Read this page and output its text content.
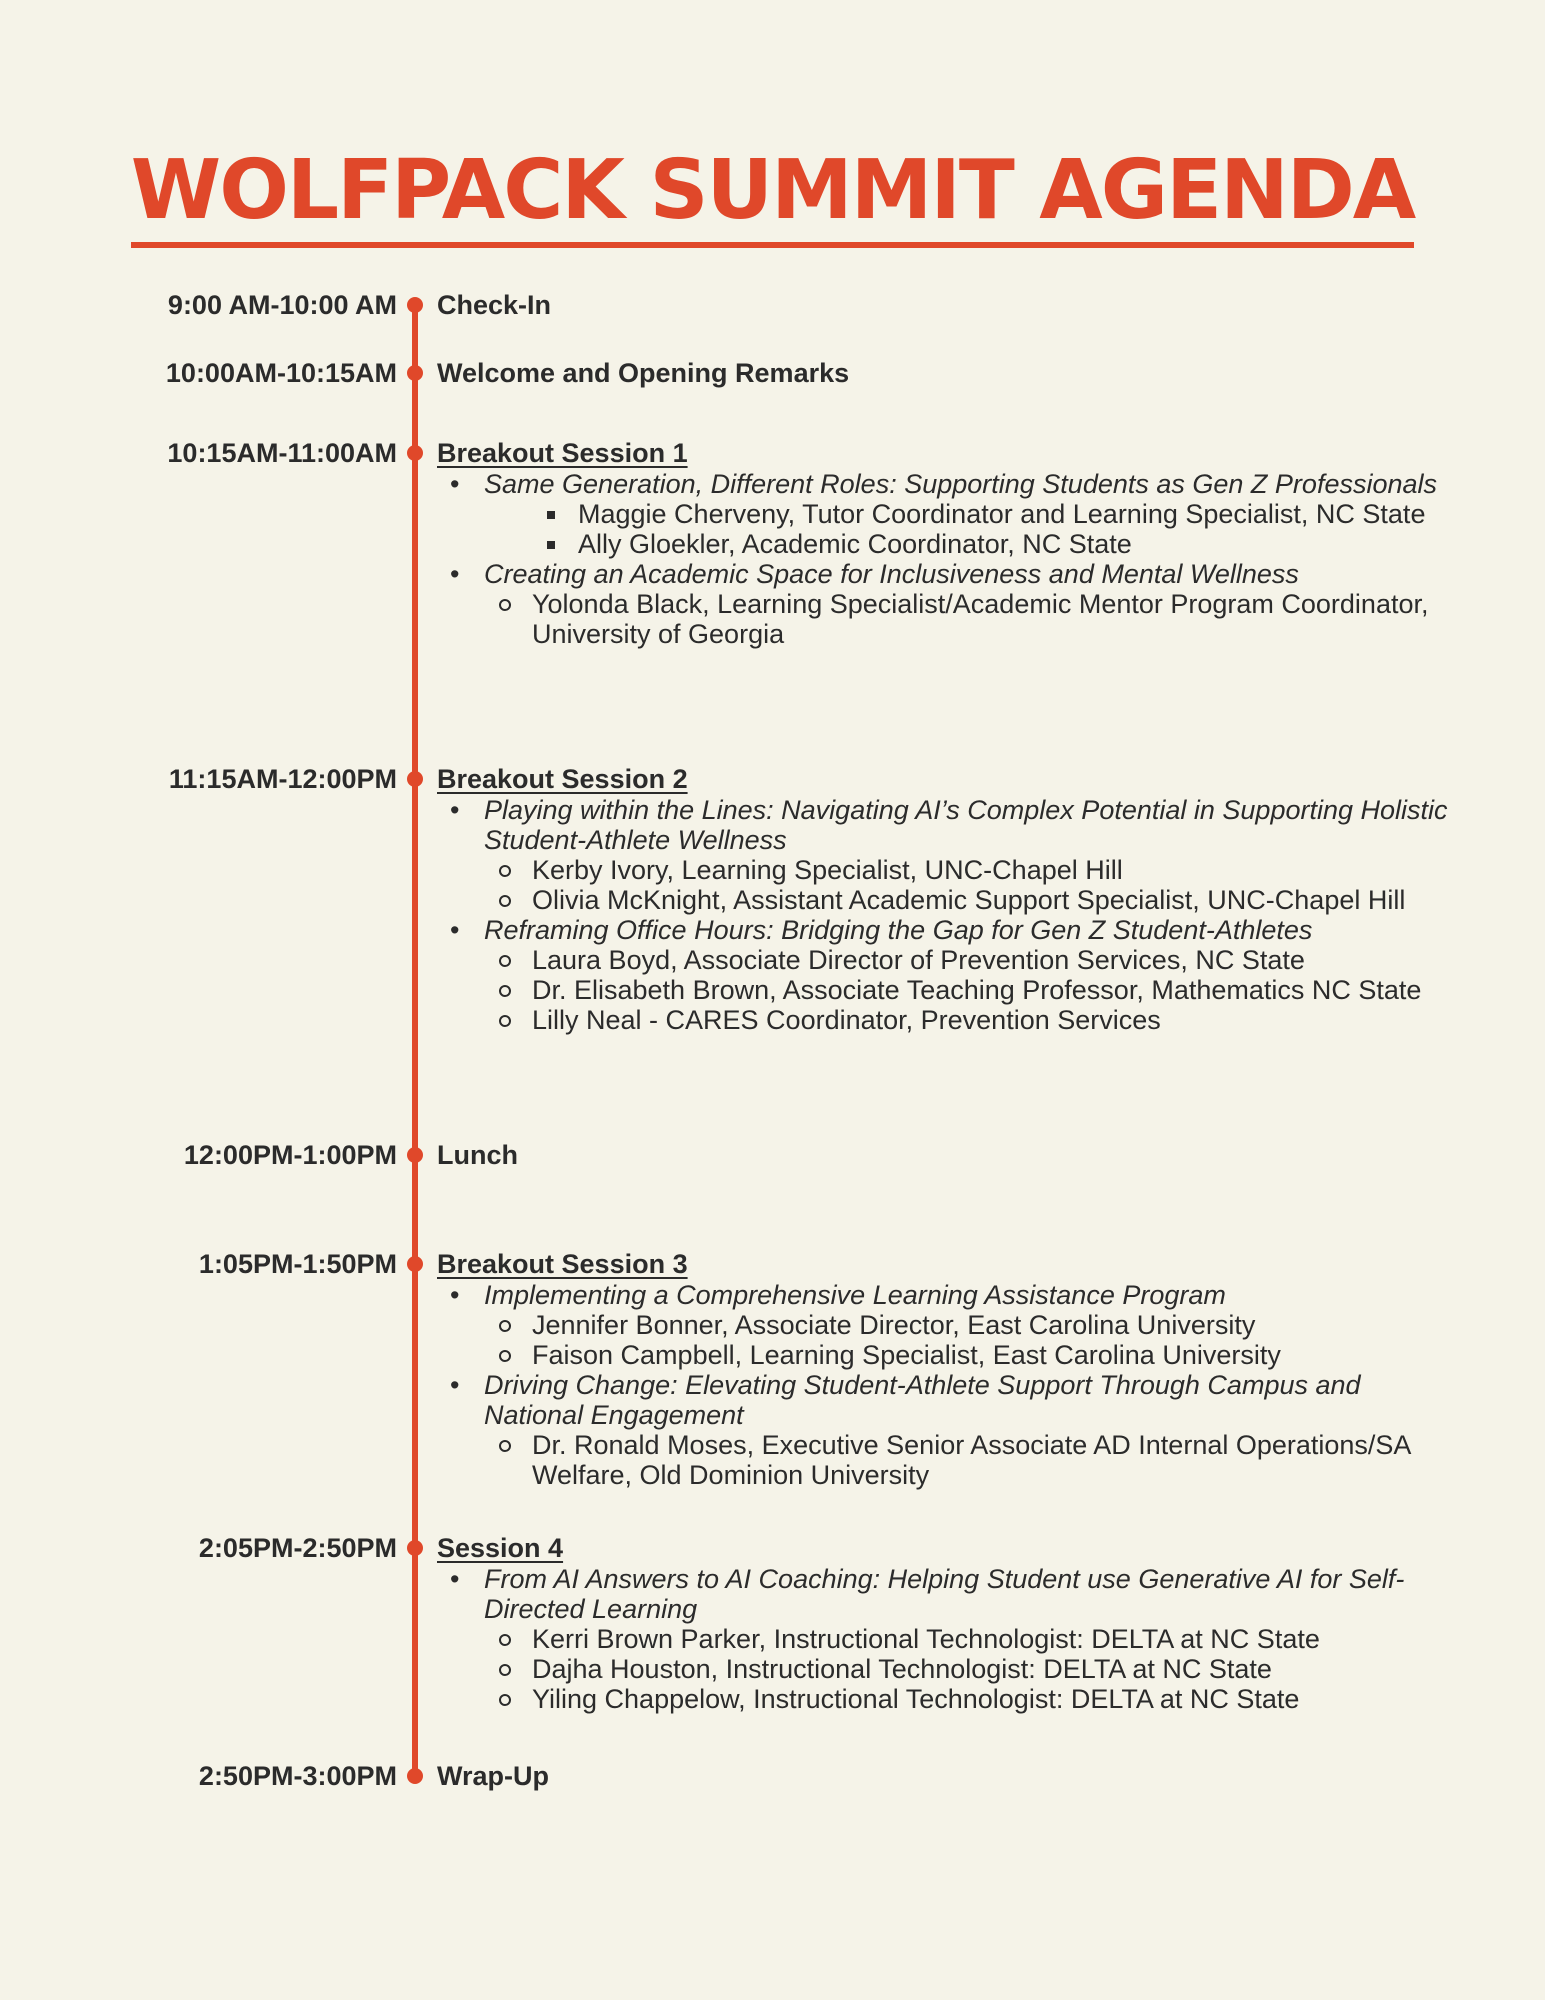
WOLFPACK SUMMIT AGENDA
9:00 AM-10:00 AM Check-In
10:00AM-10:15AM Welcome and Opening Remarks
10:15AM-11:00AM Breakout Session 1
• Same Generation, Different Roles: Supporting Students as Gen Z Professionals
Maggie Cherveny, Tutor Coordinator and Learning Specialist, NC State
Ally Gloekler, Academic Coordinator, NC State
• Creating an Academic Space for Inclusiveness and Mental Wellness
Yolonda Black, Learning Specialist/Academic Mentor Program Coordinator, University of Georgia
11:15AM-12:00PM Breakout Session 2
• Playing within the Lines: Navigating AI’s Complex Potential in Supporting Holistic Student-Athlete Wellness
Kerby Ivory, Learning Specialist, UNC-Chapel Hill
Olivia McKnight, Assistant Academic Support Specialist, UNC-Chapel Hill
• Reframing Office Hours: Bridging the Gap for Gen Z Student-Athletes
Laura Boyd, Associate Director of Prevention Services, NC State
Dr. Elisabeth Brown, Associate Teaching Professor, Mathematics NC State
Lilly Neal - CARES Coordinator, Prevention Services
12:00PM-1:00PM Lunch
1:05PM-1:50PM Breakout Session 3
• Implementing a Comprehensive Learning Assistance Program
Jennifer Bonner, Associate Director, East Carolina University
Faison Campbell, Learning Specialist, East Carolina University
• Driving Change: Elevating Student-Athlete Support Through Campus and National Engagement
Dr. Ronald Moses, Executive Senior Associate AD Internal Operations/SA Welfare, Old Dominion University
2:05PM-2:50PM Session 4
• From AI Answers to AI Coaching: Helping Student use Generative AI for Self-Directed Learning
Kerri Brown Parker, Instructional Technologist: DELTA at NC State
Dajha Houston, Instructional Technologist: DELTA at NC State
Yiling Chappelow, Instructional Technologist: DELTA at NC State
2:50PM-3:00PM Wrap-Up
